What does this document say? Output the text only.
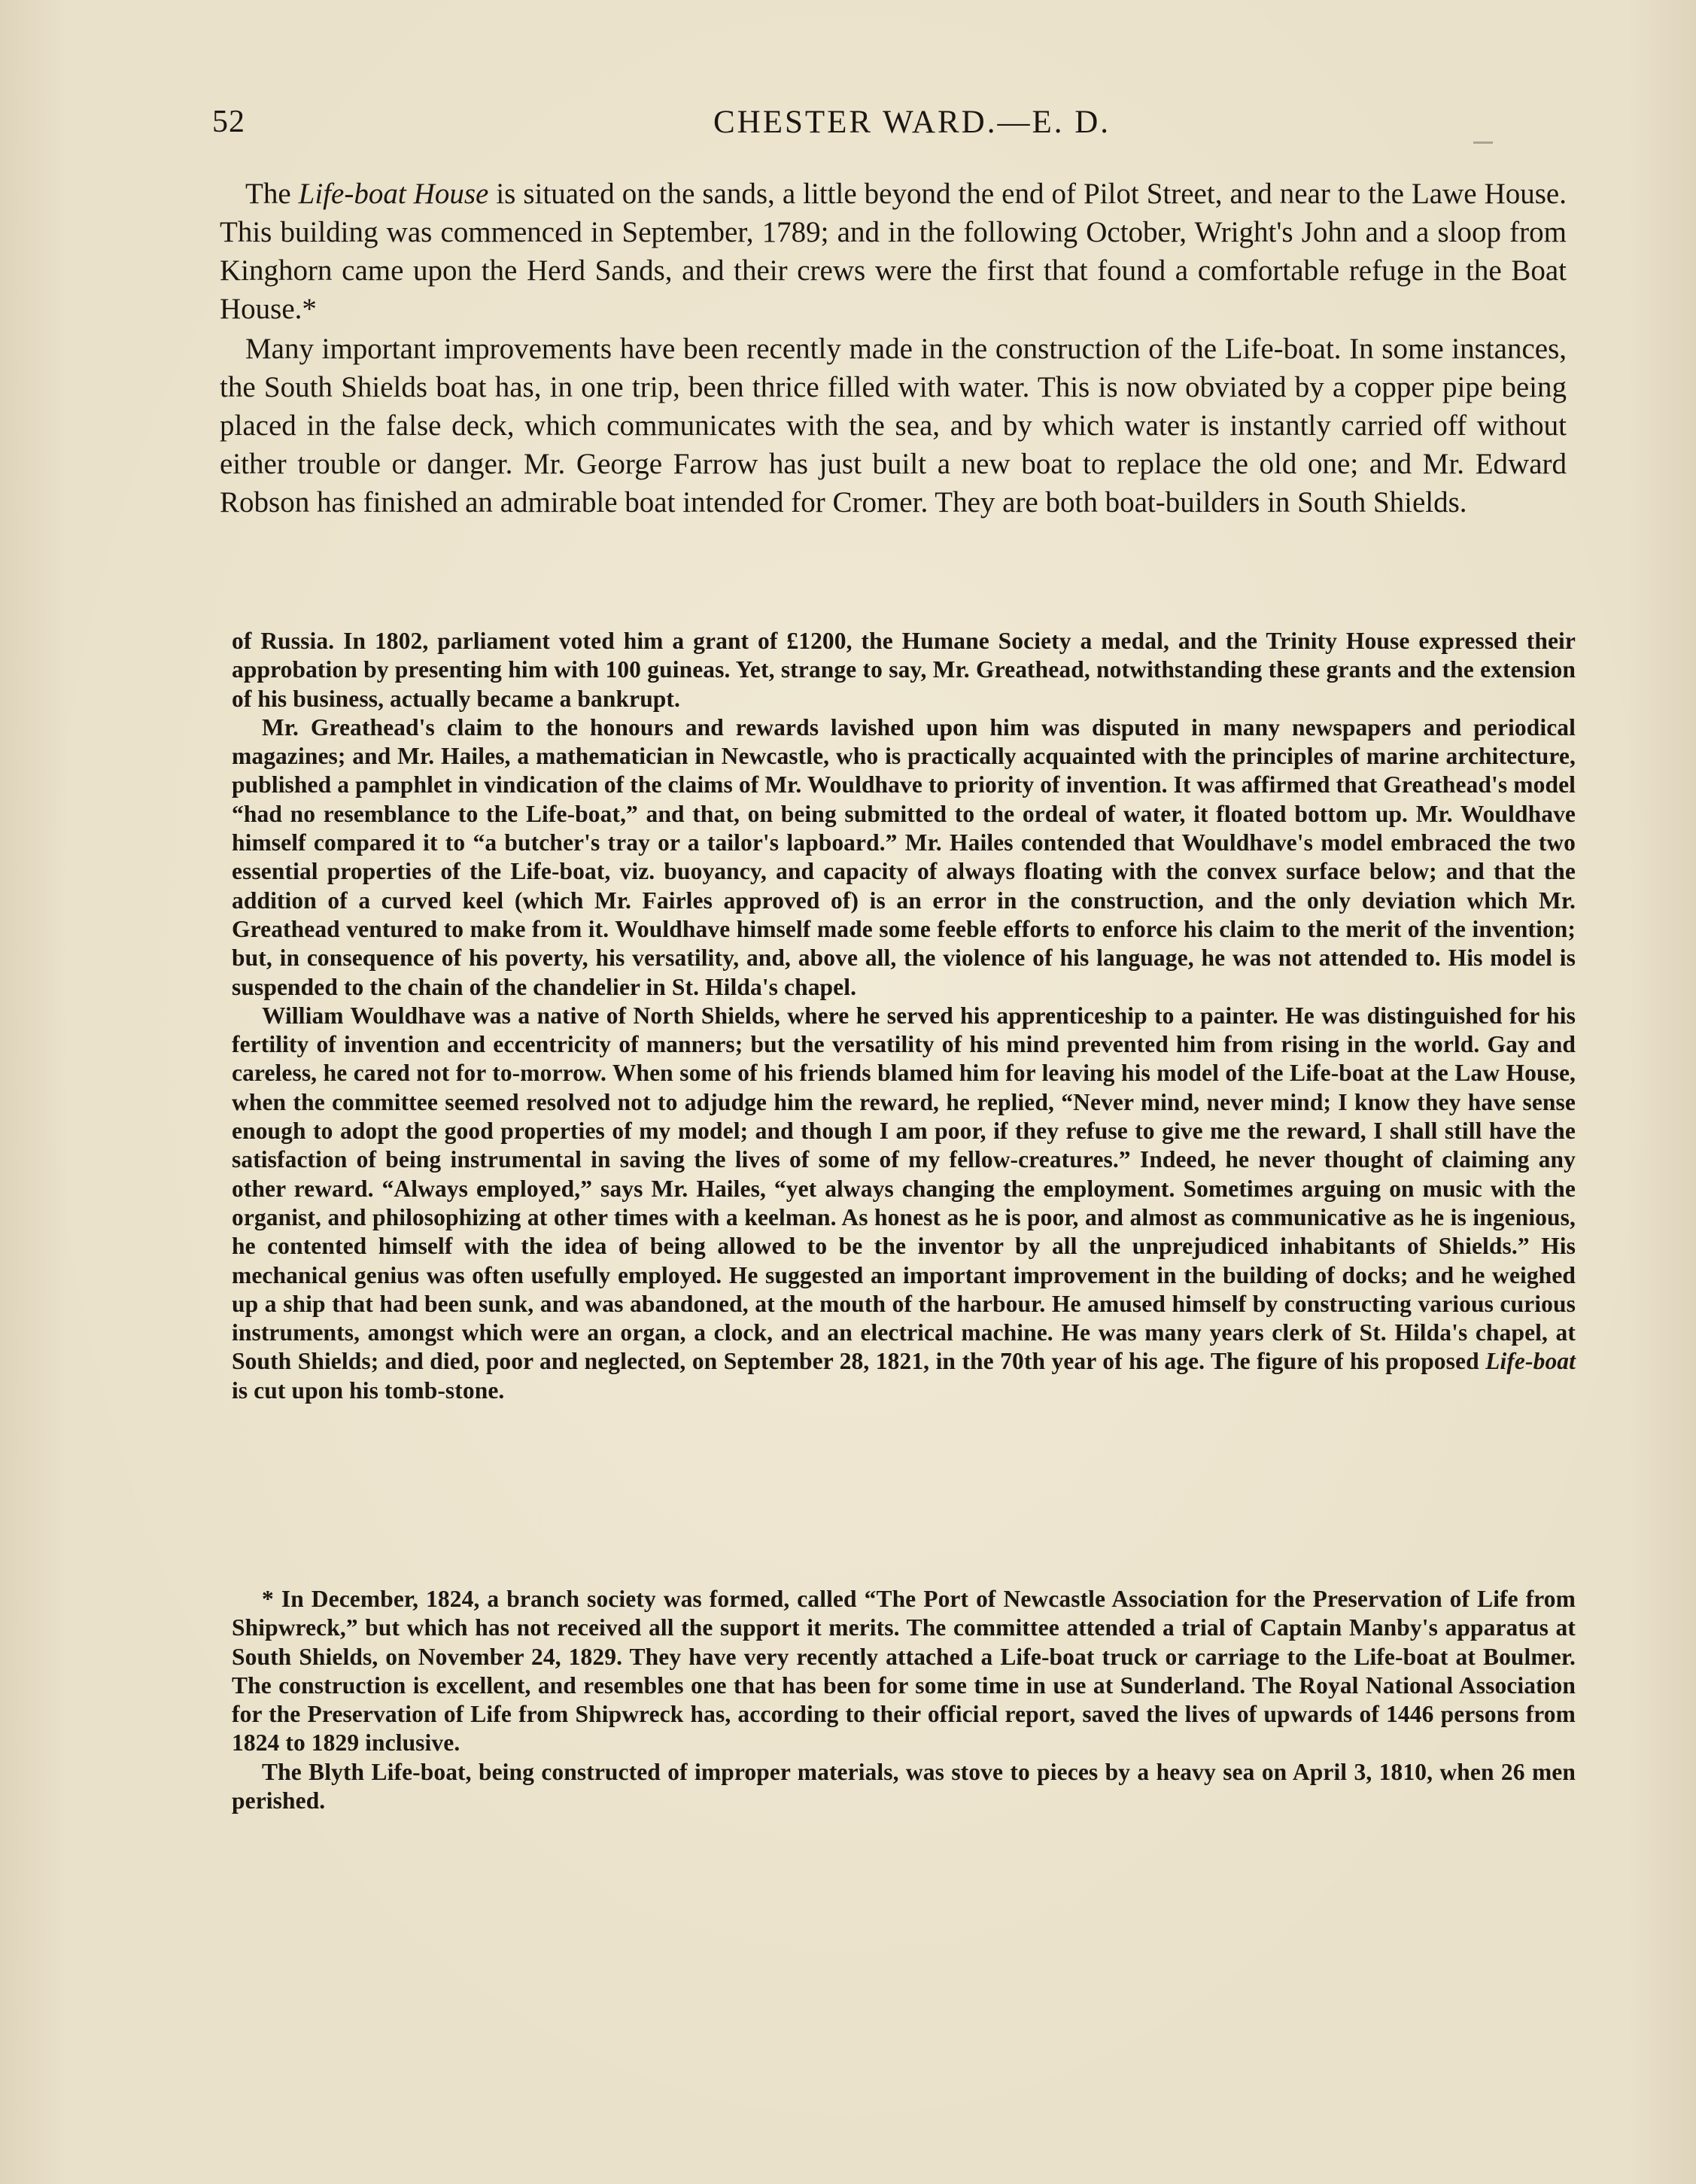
52	CHESTER WARD.—E. D.

The Life-boat House is situated on the sands, a little beyond the end of Pilot Street, and near to the Lawe House. This building was commenced in September, 1789; and in the following October, Wright's John and a sloop from Kinghorn came upon the Herd Sands, and their crews were the first that found a comfortable refuge in the Boat House.*

Many important improvements have been recently made in the construction of the Life-boat. In some instances, the South Shields boat has, in one trip, been thrice filled with water. This is now obviated by a copper pipe being placed in the false deck, which communicates with the sea, and by which water is instantly carried off without either trouble or danger. Mr. George Farrow has just built a new boat to replace the old one; and Mr. Edward Robson has finished an admirable boat intended for Cromer. They are both boat-builders in South Shields.

of Russia. In 1802, parliament voted him a grant of £1200, the Humane Society a medal, and the Trinity House expressed their approbation by presenting him with 100 guineas. Yet, strange to say, Mr. Greathead, notwithstanding these grants and the extension of his business, actually became a bankrupt.

Mr. Greathead's claim to the honours and rewards lavished upon him was disputed in many newspapers and periodical magazines; and Mr. Hailes, a mathematician in Newcastle, who is practically acquainted with the principles of marine architecture, published a pamphlet in vindication of the claims of Mr. Wouldhave to priority of invention. It was affirmed that Greathead's model “had no resemblance to the Life-boat,” and that, on being submitted to the ordeal of water, it floated bottom up. Mr. Wouldhave himself compared it to “a butcher's tray or a tailor's lapboard.” Mr. Hailes contended that Wouldhave's model embraced the two essential properties of the Life-boat, viz. buoyancy, and capacity of always floating with the convex surface below; and that the addition of a curved keel (which Mr. Fairles approved of) is an error in the construction, and the only deviation which Mr. Greathead ventured to make from it. Wouldhave himself made some feeble efforts to enforce his claim to the merit of the invention; but, in consequence of his poverty, his versatility, and, above all, the violence of his language, he was not attended to. His model is suspended to the chain of the chandelier in St. Hilda's chapel.

William Wouldhave was a native of North Shields, where he served his apprenticeship to a painter. He was distinguished for his fertility of invention and eccentricity of manners; but the versatility of his mind prevented him from rising in the world. Gay and careless, he cared not for to-morrow. When some of his friends blamed him for leaving his model of the Life-boat at the Law House, when the committee seemed resolved not to adjudge him the reward, he replied, “Never mind, never mind; I know they have sense enough to adopt the good properties of my model; and though I am poor, if they refuse to give me the reward, I shall still have the satisfaction of being instrumental in saving the lives of some of my fellow-creatures.” Indeed, he never thought of claiming any other reward. “Always employed,” says Mr. Hailes, “yet always changing the employment. Sometimes arguing on music with the organist, and philosophizing at other times with a keelman. As honest as he is poor, and almost as communicative as he is ingenious, he contented himself with the idea of being allowed to be the inventor by all the unprejudiced inhabitants of Shields.” His mechanical genius was often usefully employed. He suggested an important improvement in the building of docks; and he weighed up a ship that had been sunk, and was abandoned, at the mouth of the harbour. He amused himself by constructing various curious instruments, amongst which were an organ, a clock, and an electrical machine. He was many years clerk of St. Hilda's chapel, at South Shields; and died, poor and neglected, on September 28, 1821, in the 70th year of his age. The figure of his proposed Life-boat is cut upon his tomb-stone.

* In December, 1824, a branch society was formed, called “The Port of Newcastle Association for the Preservation of Life from Shipwreck,” but which has not received all the support it merits. The committee attended a trial of Captain Manby's apparatus at South Shields, on November 24, 1829. They have very recently attached a Life-boat truck or carriage to the Life-boat at Boulmer. The construction is excellent, and resembles one that has been for some time in use at Sunderland. The Royal National Association for the Preservation of Life from Shipwreck has, according to their official report, saved the lives of upwards of 1446 persons from 1824 to 1829 inclusive.

The Blyth Life-boat, being constructed of improper materials, was stove to pieces by a heavy sea on April 3, 1810, when 26 men perished.
